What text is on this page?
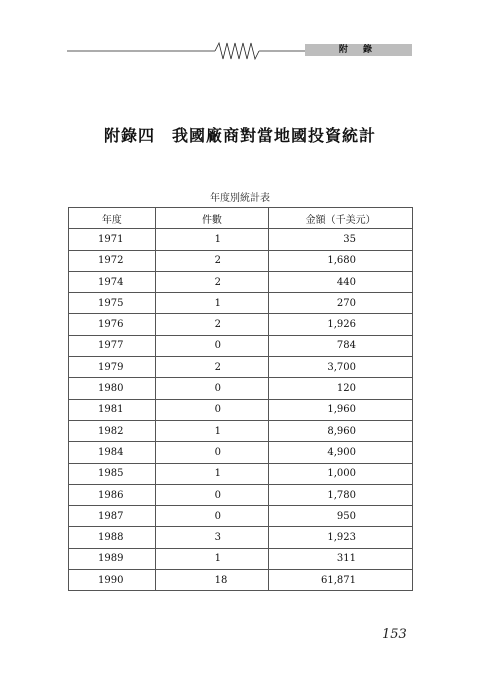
附 錄
附錄四　我國廠商對當地國投資統計
年度別統計表
年度	件數	金額（千美元）
1971	1	35
1972	2	1,680
1974	2	440
1975	1	270
1976	2	1,926
1977	0	784
1979	2	3,700
1980	0	120
1981	0	1,960
1982	1	8,960
1984	0	4,900
1985	1	1,000
1986	0	1,780
1987	0	950
1988	3	1,923
1989	1	311
1990	18	61,871
153
